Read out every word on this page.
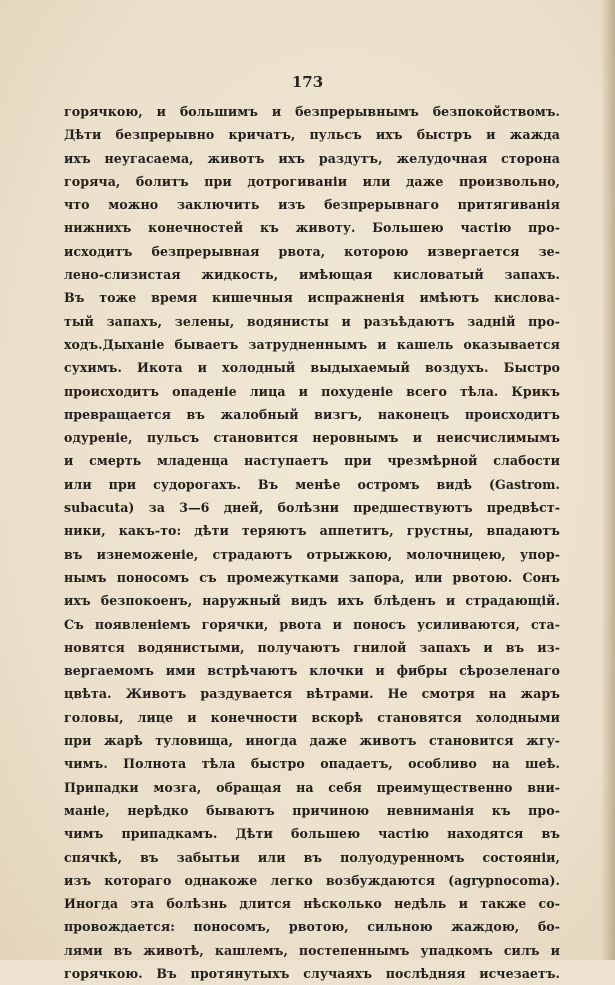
173

горячкою, и большимъ и безпрерывнымъ безпокойствомъ.
Дѣти безпрерывно кричатъ, пульсъ ихъ быстръ и жажда
ихъ неугасаема, животъ ихъ раздутъ, желудочная сторона
горяча, болитъ при дотрогиваніи или даже произвольно,
что можно заключить изъ безпрерывнаго притягиванія
нижнихъ конечностей къ животу. Большею частію про-
исходитъ безпрерывная рвота, которою извергается зе-
лено-слизистая жидкость, имѣющая кисловатый запахъ.
Въ тоже время кишечныя испражненія имѣютъ кислова-
тый запахъ, зелены, водянисты и разъѣдаютъ задній про-
ходъ.Дыханіе бываетъ затрудненнымъ и кашель оказывается
сухимъ. Икота и холодный выдыхаемый воздухъ. Быстро
происходитъ опаденіе лица и похуденіе всего тѣла. Крикъ
превращается въ жалобный визгъ, наконецъ происходитъ
одуреніе, пульсъ становится неровнымъ и неисчислимымъ
и смерть младенца наступаетъ при чрезмѣрной слабости
или при судорогахъ. Въ менѣе остромъ видѣ (Gastrom.
subacuta) за 3—6 дней, болѣзни предшествуютъ предвѣст-
ники, какъ-то: дѣти теряютъ аппетитъ, грустны, впадаютъ
въ изнеможеніе, страдаютъ отрыжкою, молочницею, упор-
нымъ поносомъ съ промежутками запора, или рвотою. Сонъ
ихъ безпокоенъ, наружный видъ ихъ блѣденъ и страдающій.
Съ появленіемъ горячки, рвота и поносъ усиливаются, ста-
новятся водянистыми, получаютъ гнилой запахъ и въ из-
вергаемомъ ими встрѣчаютъ клочки и фибры сѣрозеленаго
цвѣта. Животъ раздувается вѣтрами. Не смотря на жаръ
головы, лице и конечности вскорѣ становятся холодными
при жарѣ туловища, иногда даже животъ становится жгу-
чимъ. Полнота тѣла быстро опадаетъ, особливо на шеѣ.
Припадки мозга, обращая на себя преимущественно вни-
маніе, нерѣдко бываютъ причиною невниманія къ про-
чимъ припадкамъ. Дѣти большею частію находятся въ
спячкѣ, въ забытьи или въ полуодуренномъ состояніи,
изъ котораго однакоже легко возбуждаются (agrypnocoma).
Иногда эта болѣзнь длится нѣсколько недѣль и также со-
провождается: поносомъ, рвотою, сильною жаждою, бо-
лями въ животѣ, кашлемъ, постепеннымъ упадкомъ силъ и
горячкою. Въ протянутыхъ случаяхъ послѣдняя исчезаетъ.
